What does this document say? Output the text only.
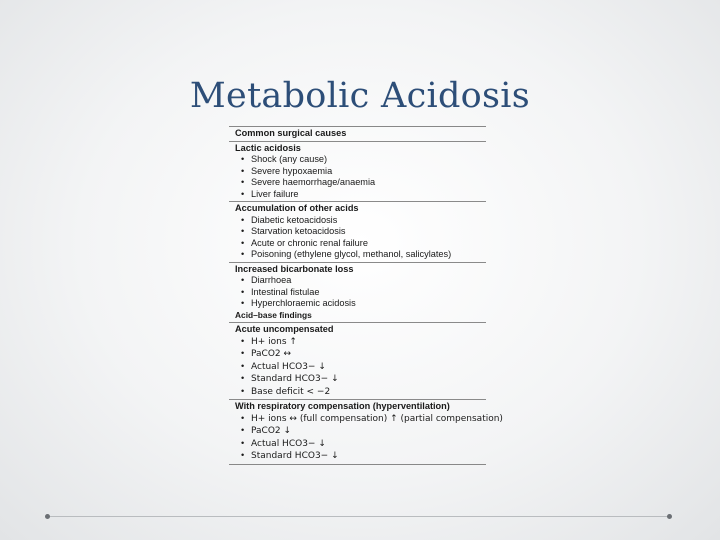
Metabolic Acidosis
Common surgical causes
Lactic acidosis
• Shock (any cause)
• Severe hypoxaemia
• Severe haemorrhage/anaemia
• Liver failure
Accumulation of other acids
• Diabetic ketoacidosis
• Starvation ketoacidosis
• Acute or chronic renal failure
• Poisoning (ethylene glycol, methanol, salicylates)
Increased bicarbonate loss
• Diarrhoea
• Intestinal fistulae
• Hyperchloraemic acidosis
Acid–base findings
Acute uncompensated
• H+ ions ↑
• PaCO2 ↔
• Actual HCO3− ↓
• Standard HCO3− ↓
• Base deficit < −2
With respiratory compensation (hyperventilation)
• H+ ions ↔ (full compensation) ↑ (partial compensation)
• PaCO2 ↓
• Actual HCO3− ↓
• Standard HCO3− ↓
